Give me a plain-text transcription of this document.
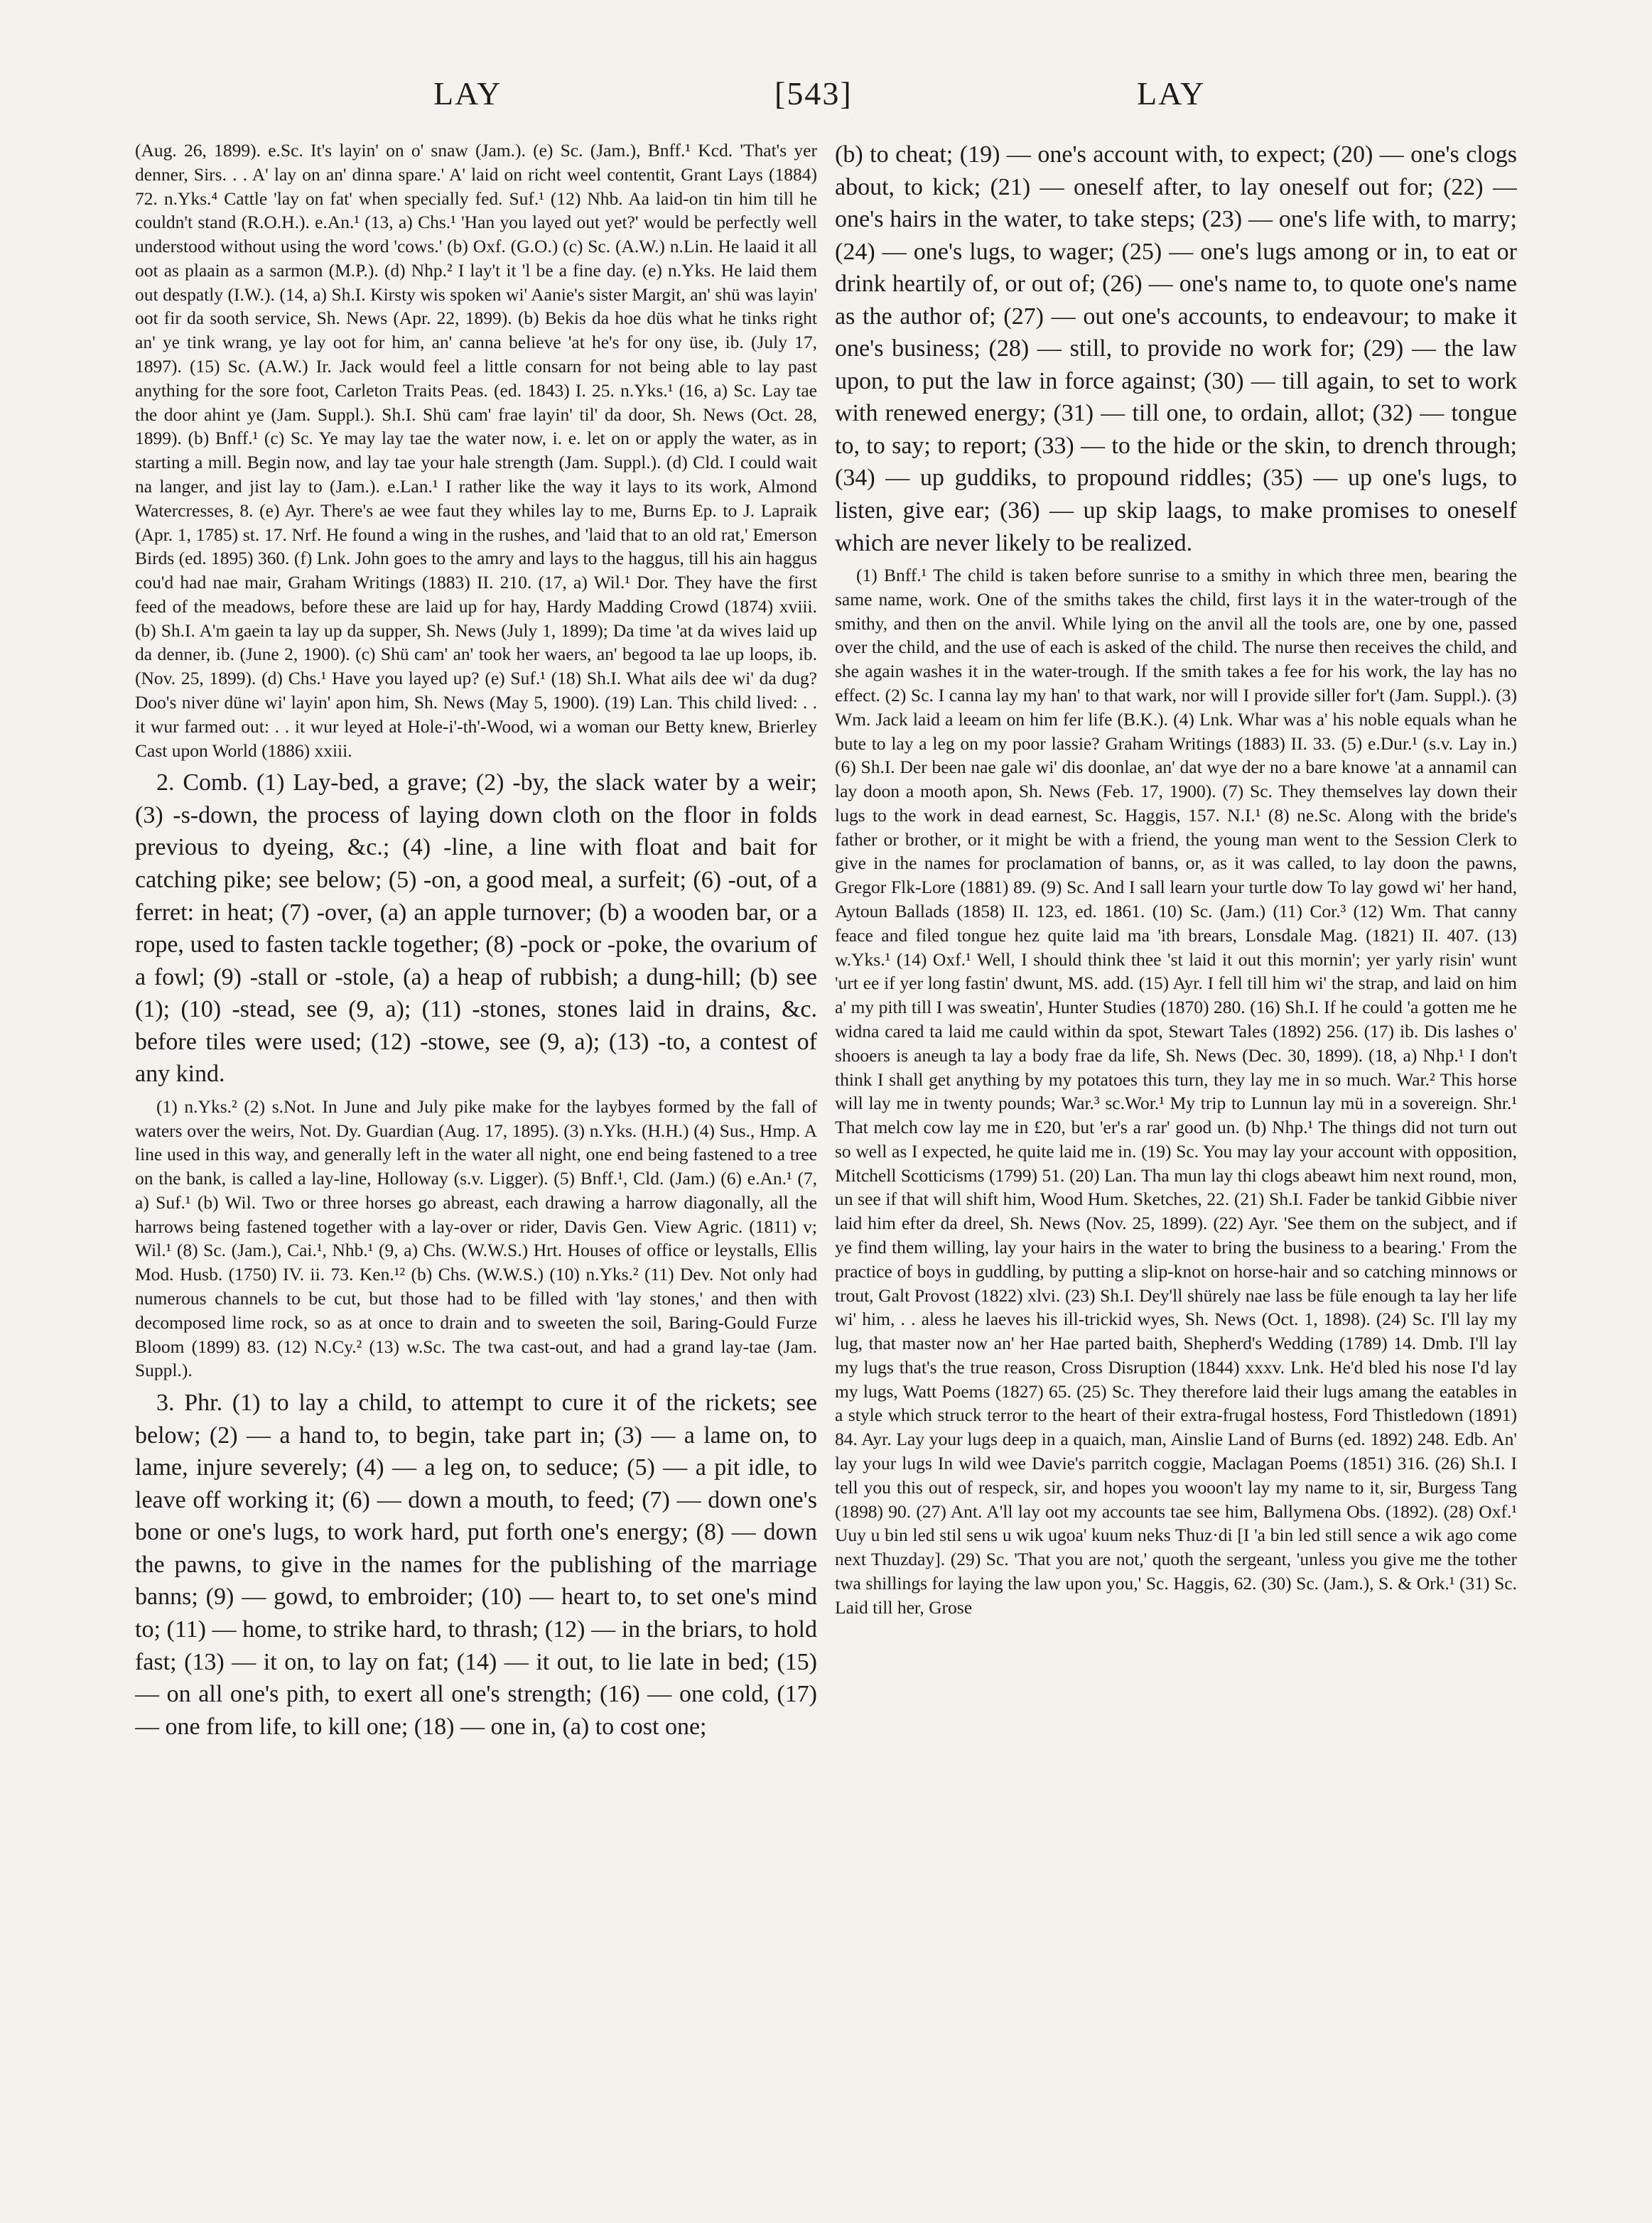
LAY	[543]	LAY

(Aug. 26, 1899). e.Sc. It's layin' on o' snaw (Jam.). (e) Sc. (Jam.), Bnff.¹ Kcd. 'That's yer denner, Sirs. . . A' lay on an' dinna spare.' A' laid on richt weel contentit, Grant Lays (1884) 72. n.Yks.⁴ Cattle 'lay on fat' when specially fed. Suf.¹ (12) Nhb. Aa laid-on tin him till he couldn't stand (R.O.H.). e.An.¹ (13, a) Chs.¹ 'Han you layed out yet?' would be perfectly well understood without using the word 'cows.' (b) Oxf. (G.O.) (c) Sc. (A.W.) n.Lin. He laaid it all oot as plaain as a sarmon (M.P.). (d) Nhp.² I lay't it 'l be a fine day. (e) n.Yks. He laid them out despatly (I.W.). (14, a) Sh.I. Kirsty wis spoken wi' Aanie's sister Margit, an' shü was layin' oot fir da sooth service, Sh. News (Apr. 22, 1899). (b) Bekis da hoe düs what he tinks right an' ye tink wrang, ye lay oot for him, an' canna believe 'at he's for ony üse, ib. (July 17, 1897). (15) Sc. (A.W.) Ir. Jack would feel a little consarn for not being able to lay past anything for the sore foot, Carleton Traits Peas. (ed. 1843) I. 25. n.Yks.¹ (16, a) Sc. Lay tae the door ahint ye (Jam. Suppl.). Sh.I. Shü cam' frae layin' til' da door, Sh. News (Oct. 28, 1899). (b) Bnff.¹ (c) Sc. Ye may lay tae the water now, i. e. let on or apply the water, as in starting a mill. Begin now, and lay tae your hale strength (Jam. Suppl.). (d) Cld. I could wait na langer, and jist lay to (Jam.). e.Lan.¹ I rather like the way it lays to its work, Almond Watercresses, 8. (e) Ayr. There's ae wee faut they whiles lay to me, Burns Ep. to J. Lapraik (Apr. 1, 1785) st. 17. Nrf. He found a wing in the rushes, and 'laid that to an old rat,' Emerson Birds (ed. 1895) 360. (f) Lnk. John goes to the amry and lays to the haggus, till his ain haggus cou'd had nae mair, Graham Writings (1883) II. 210. (17, a) Wil.¹ Dor. They have the first feed of the meadows, before these are laid up for hay, Hardy Madding Crowd (1874) xviii. (b) Sh.I. A'm gaein ta lay up da supper, Sh. News (July 1, 1899); Da time 'at da wives laid up da denner, ib. (June 2, 1900). (c) Shü cam' an' took her waers, an' begood ta lae up loops, ib. (Nov. 25, 1899). (d) Chs.¹ Have you layed up? (e) Suf.¹ (18) Sh.I. What ails dee wi' da dug? Doo's niver düne wi' layin' apon him, Sh. News (May 5, 1900). (19) Lan. This child lived: . . it wur farmed out: . . it wur leyed at Hole-i'-th'-Wood, wi a woman our Betty knew, Brierley Cast upon World (1886) xxiii.

2. Comb. (1) Lay-bed, a grave; (2) -by, the slack water by a weir; (3) -s-down, the process of laying down cloth on the floor in folds previous to dyeing, &c.; (4) -line, a line with float and bait for catching pike; see below; (5) -on, a good meal, a surfeit; (6) -out, of a ferret: in heat; (7) -over, (a) an apple turnover; (b) a wooden bar, or a rope, used to fasten tackle together; (8) -pock or -poke, the ovarium of a fowl; (9) -stall or -stole, (a) a heap of rubbish; a dung-hill; (b) see (1); (10) -stead, see (9, a); (11) -stones, stones laid in drains, &c. before tiles were used; (12) -stowe, see (9, a); (13) -to, a contest of any kind.

(1) n.Yks.² (2) s.Not. In June and July pike make for the laybyes formed by the fall of waters over the weirs, Not. Dy. Guardian (Aug. 17, 1895). (3) n.Yks. (H.H.) (4) Sus., Hmp. A line used in this way, and generally left in the water all night, one end being fastened to a tree on the bank, is called a lay-line, Holloway (s.v. Ligger). (5) Bnff.¹, Cld. (Jam.) (6) e.An.¹ (7, a) Suf.¹ (b) Wil. Two or three horses go abreast, each drawing a harrow diagonally, all the harrows being fastened together with a lay-over or rider, Davis Gen. View Agric. (1811) v; Wil.¹ (8) Sc. (Jam.), Cai.¹, Nhb.¹ (9, a) Chs. (W.W.S.) Hrt. Houses of office or leystalls, Ellis Mod. Husb. (1750) IV. ii. 73. Ken.¹² (b) Chs. (W.W.S.) (10) n.Yks.² (11) Dev. Not only had numerous channels to be cut, but those had to be filled with 'lay stones,' and then with decomposed lime rock, so as at once to drain and to sweeten the soil, Baring-Gould Furze Bloom (1899) 83. (12) N.Cy.² (13) w.Sc. The twa cast-out, and had a grand lay-tae (Jam. Suppl.).

3. Phr. (1) to lay a child, to attempt to cure it of the rickets; see below; (2) — a hand to, to begin, take part in; (3) — a lame on, to lame, injure severely; (4) — a leg on, to seduce; (5) — a pit idle, to leave off working it; (6) — down a mouth, to feed; (7) — down one's bone or one's lugs, to work hard, put forth one's energy; (8) — down the pawns, to give in the names for the publishing of the marriage banns; (9) — gowd, to embroider; (10) — heart to, to set one's mind to; (11) — home, to strike hard, to thrash; (12) — in the briars, to hold fast; (13) — it on, to lay on fat; (14) — it out, to lie late in bed; (15) — on all one's pith, to exert all one's strength; (16) — one cold, (17) — one from life, to kill one; (18) — one in, (a) to cost one;

(b) to cheat; (19) — one's account with, to expect; (20) — one's clogs about, to kick; (21) — oneself after, to lay oneself out for; (22) — one's hairs in the water, to take steps; (23) — one's life with, to marry; (24) — one's lugs, to wager; (25) — one's lugs among or in, to eat or drink heartily of, or out of; (26) — one's name to, to quote one's name as the author of; (27) — out one's accounts, to endeavour; to make it one's business; (28) — still, to provide no work for; (29) — the law upon, to put the law in force against; (30) — till again, to set to work with renewed energy; (31) — till one, to ordain, allot; (32) — tongue to, to say; to report; (33) — to the hide or the skin, to drench through; (34) — up guddiks, to propound riddles; (35) — up one's lugs, to listen, give ear; (36) — up skip laags, to make promises to oneself which are never likely to be realized.

(1) Bnff.¹ The child is taken before sunrise to a smithy in which three men, bearing the same name, work. One of the smiths takes the child, first lays it in the water-trough of the smithy, and then on the anvil. While lying on the anvil all the tools are, one by one, passed over the child, and the use of each is asked of the child. The nurse then receives the child, and she again washes it in the water-trough. If the smith takes a fee for his work, the lay has no effect. (2) Sc. I canna lay my han' to that wark, nor will I provide siller for't (Jam. Suppl.). (3) Wm. Jack laid a leeam on him fer life (B.K.). (4) Lnk. Whar was a' his noble equals whan he bute to lay a leg on my poor lassie? Graham Writings (1883) II. 33. (5) e.Dur.¹ (s.v. Lay in.) (6) Sh.I. Der been nae gale wi' dis doonlae, an' dat wye der no a bare knowe 'at a annamil can lay doon a mooth apon, Sh. News (Feb. 17, 1900). (7) Sc. They themselves lay down their lugs to the work in dead earnest, Sc. Haggis, 157. N.I.¹ (8) ne.Sc. Along with the bride's father or brother, or it might be with a friend, the young man went to the Session Clerk to give in the names for proclamation of banns, or, as it was called, to lay doon the pawns, Gregor Flk-Lore (1881) 89. (9) Sc. And I sall learn your turtle dow To lay gowd wi' her hand, Aytoun Ballads (1858) II. 123, ed. 1861. (10) Sc. (Jam.) (11) Cor.³ (12) Wm. That canny feace and filed tongue hez quite laid ma 'ith brears, Lonsdale Mag. (1821) II. 407. (13) w.Yks.¹ (14) Oxf.¹ Well, I should think thee 'st laid it out this mornin'; yer yarly risin' wunt 'urt ee if yer long fastin' dwunt, MS. add. (15) Ayr. I fell till him wi' the strap, and laid on him a' my pith till I was sweatin', Hunter Studies (1870) 280. (16) Sh.I. If he could 'a gotten me he widna cared ta laid me cauld within da spot, Stewart Tales (1892) 256. (17) ib. Dis lashes o' shooers is aneugh ta lay a body frae da life, Sh. News (Dec. 30, 1899). (18, a) Nhp.¹ I don't think I shall get anything by my potatoes this turn, they lay me in so much. War.² This horse will lay me in twenty pounds; War.³ sc.Wor.¹ My trip to Lunnun lay mü in a sovereign. Shr.¹ That melch cow lay me in £20, but 'er's a rar' good un. (b) Nhp.¹ The things did not turn out so well as I expected, he quite laid me in. (19) Sc. You may lay your account with opposition, Mitchell Scotticisms (1799) 51. (20) Lan. Tha mun lay thi clogs abeawt him next round, mon, un see if that will shift him, Wood Hum. Sketches, 22. (21) Sh.I. Fader be tankid Gibbie niver laid him efter da dreel, Sh. News (Nov. 25, 1899). (22) Ayr. 'See them on the subject, and if ye find them willing, lay your hairs in the water to bring the business to a bearing.' From the practice of boys in guddling, by putting a slip-knot on horse-hair and so catching minnows or trout, Galt Provost (1822) xlvi. (23) Sh.I. Dey'll shürely nae lass be füle enough ta lay her life wi' him, . . aless he laeves his ill-trickid wyes, Sh. News (Oct. 1, 1898). (24) Sc. I'll lay my lug, that master now an' her Hae parted baith, Shepherd's Wedding (1789) 14. Dmb. I'll lay my lugs that's the true reason, Cross Disruption (1844) xxxv. Lnk. He'd bled his nose I'd lay my lugs, Watt Poems (1827) 65. (25) Sc. They therefore laid their lugs amang the eatables in a style which struck terror to the heart of their extra-frugal hostess, Ford Thistledown (1891) 84. Ayr. Lay your lugs deep in a quaich, man, Ainslie Land of Burns (ed. 1892) 248. Edb. An' lay your lugs In wild wee Davie's parritch coggie, Maclagan Poems (1851) 316. (26) Sh.I. I tell you this out of respeck, sir, and hopes you wooon't lay my name to it, sir, Burgess Tang (1898) 90. (27) Ant. A'll lay oot my accounts tae see him, Ballymena Obs. (1892). (28) Oxf.¹ Uuy u bin led stil sens u wik ugoa' kuum neks Thuz·di [I 'a bin led still sence a wik ago come next Thuzday]. (29) Sc. 'That you are not,' quoth the sergeant, 'unless you give me the tother twa shillings for laying the law upon you,' Sc. Haggis, 62. (30) Sc. (Jam.), S. & Ork.¹ (31) Sc. Laid till her, Grose
